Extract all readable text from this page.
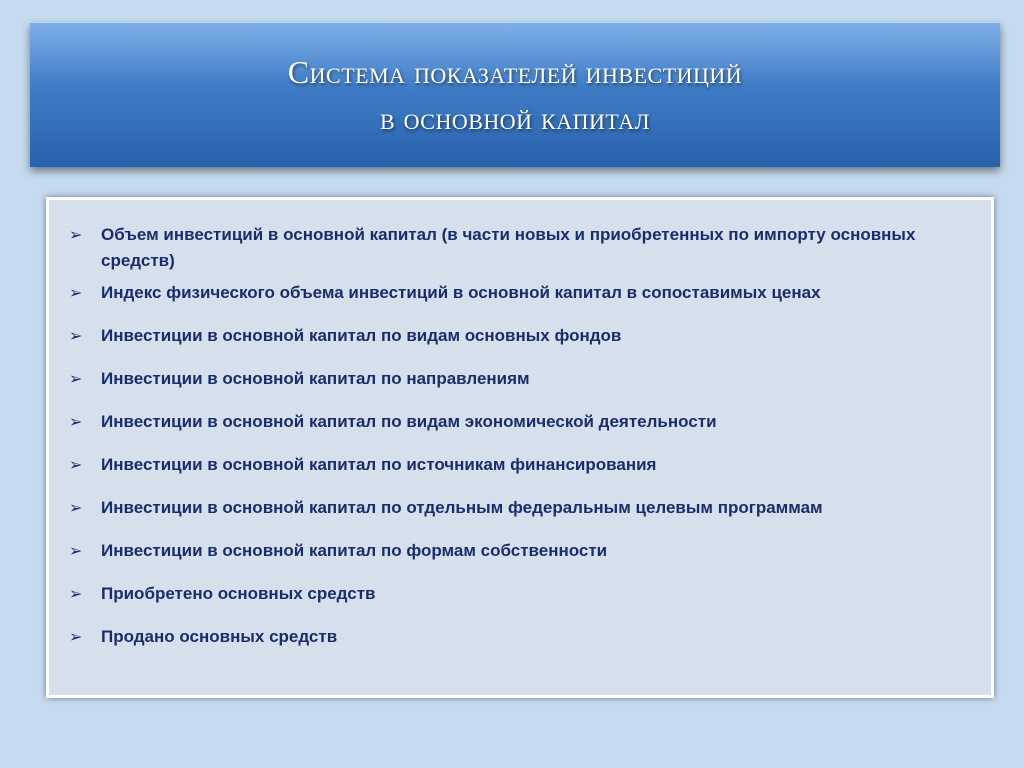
Система показателей инвестиций
в основной капитал
➢	Объем инвестиций в основной капитал (в части новых и приобретенных по импорту основных средств)
➢	Индекс физического объема инвестиций в основной капитал в сопоставимых ценах
➢	Инвестиции в основной капитал по видам основных фондов
➢	Инвестиции в основной капитал по направлениям
➢	Инвестиции в основной капитал по видам экономической деятельности
➢	Инвестиции в основной капитал по источникам финансирования
➢	Инвестиции в основной капитал по отдельным федеральным целевым программам
➢	Инвестиции в основной капитал по формам собственности
➢	Приобретено основных средств
➢	Продано основных средств
